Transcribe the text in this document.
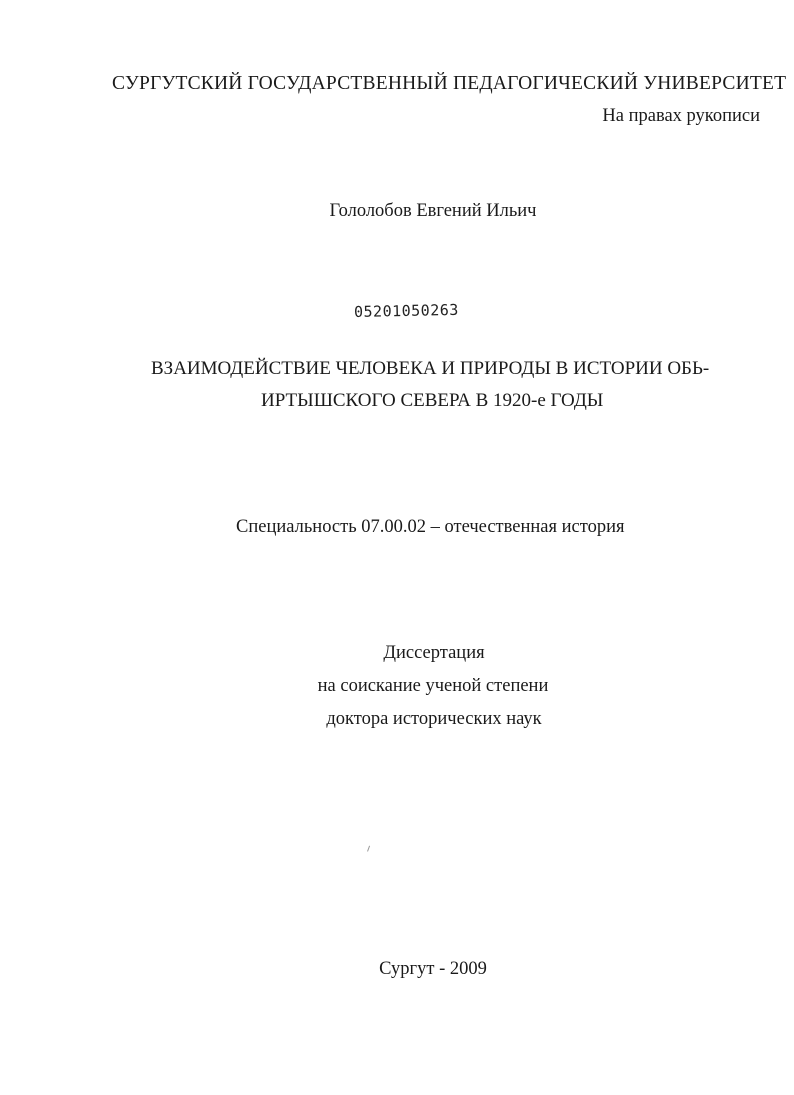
СУРГУТСКИЙ ГОСУДАРСТВЕННЫЙ ПЕДАГОГИЧЕСКИЙ УНИВЕРСИТЕТ
На правах рукописи
Гололобов Евгений Ильич
05201050263
ВЗАИМОДЕЙСТВИЕ ЧЕЛОВЕКА И ПРИРОДЫ В ИСТОРИИ ОБЬ-
ИРТЫШСКОГО СЕВЕРА В 1920-е ГОДЫ
Специальность 07.00.02 – отечественная история
Диссертация
на соискание ученой степени
доктора исторических наук
Сургут - 2009
